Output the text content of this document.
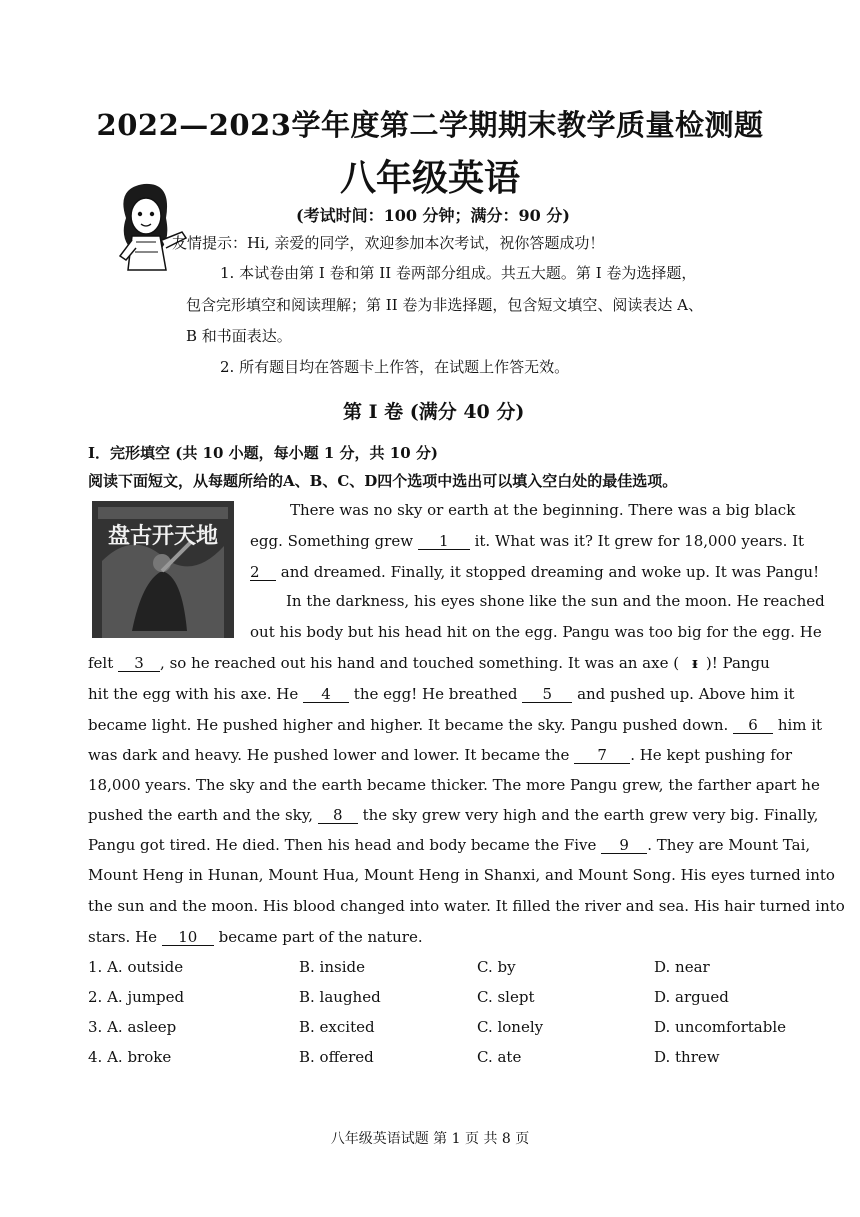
2022—2023学年度第二学期期末教学质量检测题
八年级英语
(考试时间：100 分钟；满分：90 分)
友情提示：Hi, 亲爱的同学，欢迎参加本次考试，祝你答题成功！
1. 本试卷由第 I 卷和第 II 卷两部分组成。共五大题。第 I 卷为选择题，
包含完形填空和阅读理解；第 II 卷为非选择题，包含短文填空、阅读表达 A、
B 和书面表达。
2. 所有题目均在答题卡上作答，在试题上作答无效。
第 I 卷 (满分 40 分)
I．完形填空 (共 10 小题，每小题 1 分，共 10 分)
阅读下面短文，从每题所给的A、B、C、D四个选项中选出可以填入空白处的最佳选项。
盘古开天地
There was no sky or earth at the beginning. There was a big black
egg. Something grew 1 it. What was it? It grew for 18,000 years. It
2 and dreamed. Finally, it stopped dreaming and woke up. It was Pangu!
In the darkness, his eyes shone like the sun and the moon. He reached
out his body but his head hit on the egg. Pangu was too big for the egg. He
felt 3 , so he reached out his hand and touched something. It was an axe ( ᵻ )! Pangu
hit the egg with his axe. He 4 the egg! He breathed 5 and pushed up. Above him it
became light. He pushed higher and higher. It became the sky. Pangu pushed down. 6 him it
was dark and heavy. He pushed lower and lower. It became the 7 . He kept pushing for
18,000 years. The sky and the earth became thicker. The more Pangu grew, the farther apart he
pushed the earth and the sky, 8 the sky grew very high and the earth grew very big. Finally,
Pangu got tired. He died. Then his head and body became the Five 9 . They are Mount Tai,
Mount Heng in Hunan, Mount Hua, Mount Heng in Shanxi, and Mount Song. His eyes turned into
the sun and the moon. His blood changed into water. It filled the river and sea. His hair turned into
stars. He 10 became part of the nature.
1. A. outside	B. inside	C. by	D. near
2. A. jumped	B. laughed	C. slept	D. argued
3. A. asleep	B. excited	C. lonely	D. uncomfortable
4. A. broke	B. offered	C. ate	D. threw
八年级英语试题 第 1 页 共 8 页
